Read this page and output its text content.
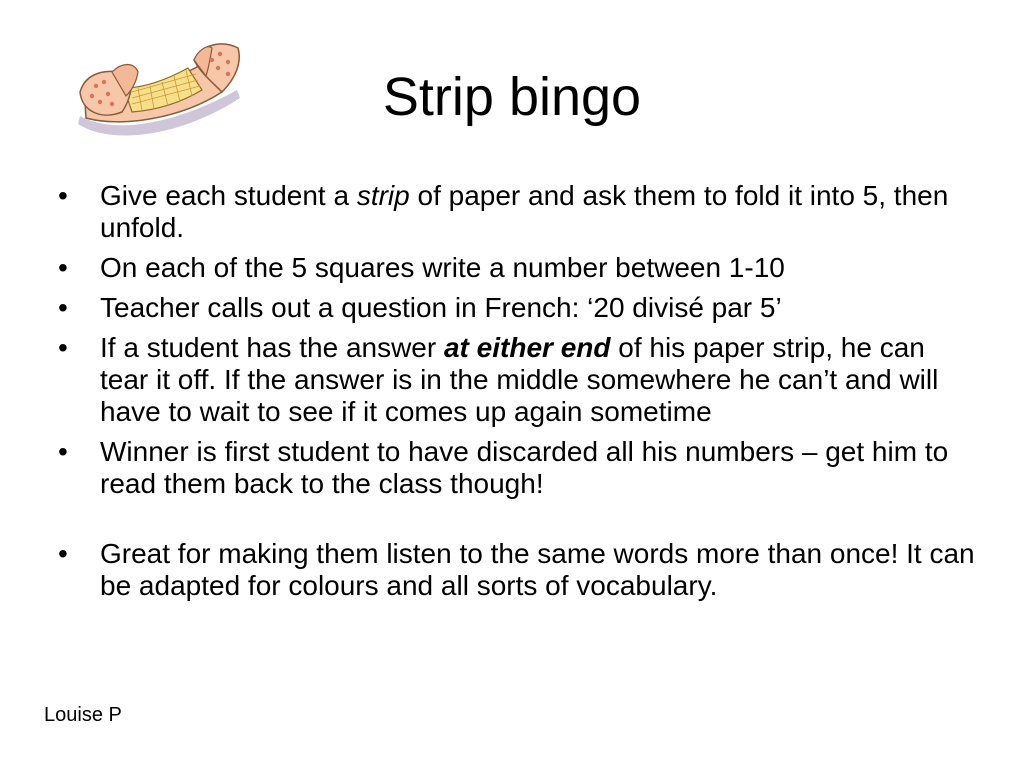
Strip bingo
• Give each student a strip of paper and ask them to fold it into 5, then unfold.
• On each of the 5 squares write a number between 1-10
• Teacher calls out a question in French: ‘20 divisé par 5’
• If a student has the answer at either end of his paper strip, he can tear it off. If the answer is in the middle somewhere he can’t and will have to wait to see if it comes up again sometime
• Winner is first student to have discarded all his numbers – get him to read them back to the class though!
• Great for making them listen to the same words more than once! It can be adapted for colours and all sorts of vocabulary.
Louise P
